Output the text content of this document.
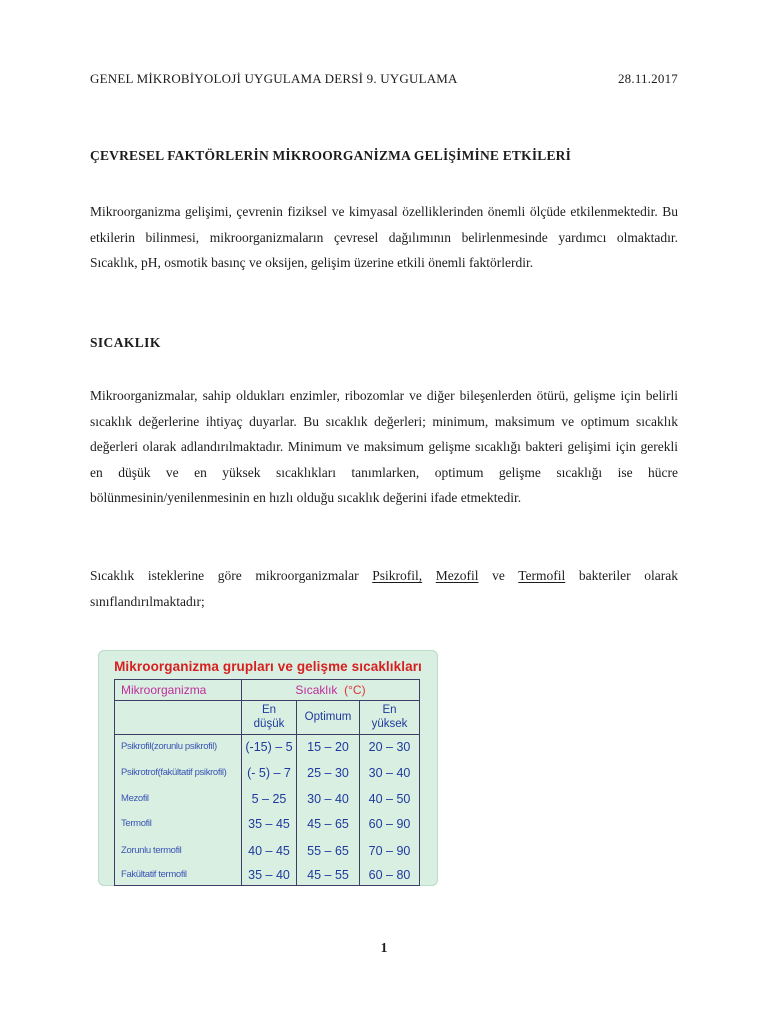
GENEL MİKROBİYOLOJİ UYGULAMA DERSİ 9. UYGULAMA	28.11.2017
ÇEVRESEL FAKTÖRLERİN MİKROORGANİZMA GELİŞİMİNE ETKİLERİ
Mikroorganizma gelişimi, çevrenin fiziksel ve kimyasal özelliklerinden önemli ölçüde etkilenmektedir. Bu etkilerin bilinmesi, mikroorganizmaların çevresel dağılımının belirlenmesinde yardımcı olmaktadır. Sıcaklık, pH, osmotik basınç ve oksijen, gelişim üzerine etkili önemli faktörlerdir.
SICAKLIK
Mikroorganizmalar, sahip oldukları enzimler, ribozomlar ve diğer bileşenlerden ötürü, gelişme için belirli sıcaklık değerlerine ihtiyaç duyarlar. Bu sıcaklık değerleri; minimum, maksimum ve optimum sıcaklık değerleri olarak adlandırılmaktadır. Minimum ve maksimum gelişme sıcaklığı bakteri gelişimi için gerekli en düşük ve en yüksek sıcaklıkları tanımlarken, optimum gelişme sıcaklığı ise hücre bölünmesinin/yenilenmesinin en hızlı olduğu sıcaklık değerini ifade etmektedir.
Sıcaklık isteklerine göre mikroorganizmalar Psikrofil, Mezofil ve Termofil bakteriler olarak sınıflandırılmaktadır;
Mikroorganizma grupları ve gelişme sıcaklıkları
Mikroorganizma	Sıcaklık (°C)		
	En düşük	Optimum	En yüksek
Psikrofil(zorunlu psikrofil)	(-15) – 5	15 – 20	20 – 30
Psikrotrof(fakültatif psikrofil)	(- 5) – 7	25 – 30	30 – 40
Mezofil	5 – 25	30 – 40	40 – 50
Termofil	35 – 45	45 – 65	60 – 90
Zorunlu termofil	40 – 45	55 – 65	70 – 90
Fakültatif termofil	35 – 40	45 – 55	60 – 80
1
